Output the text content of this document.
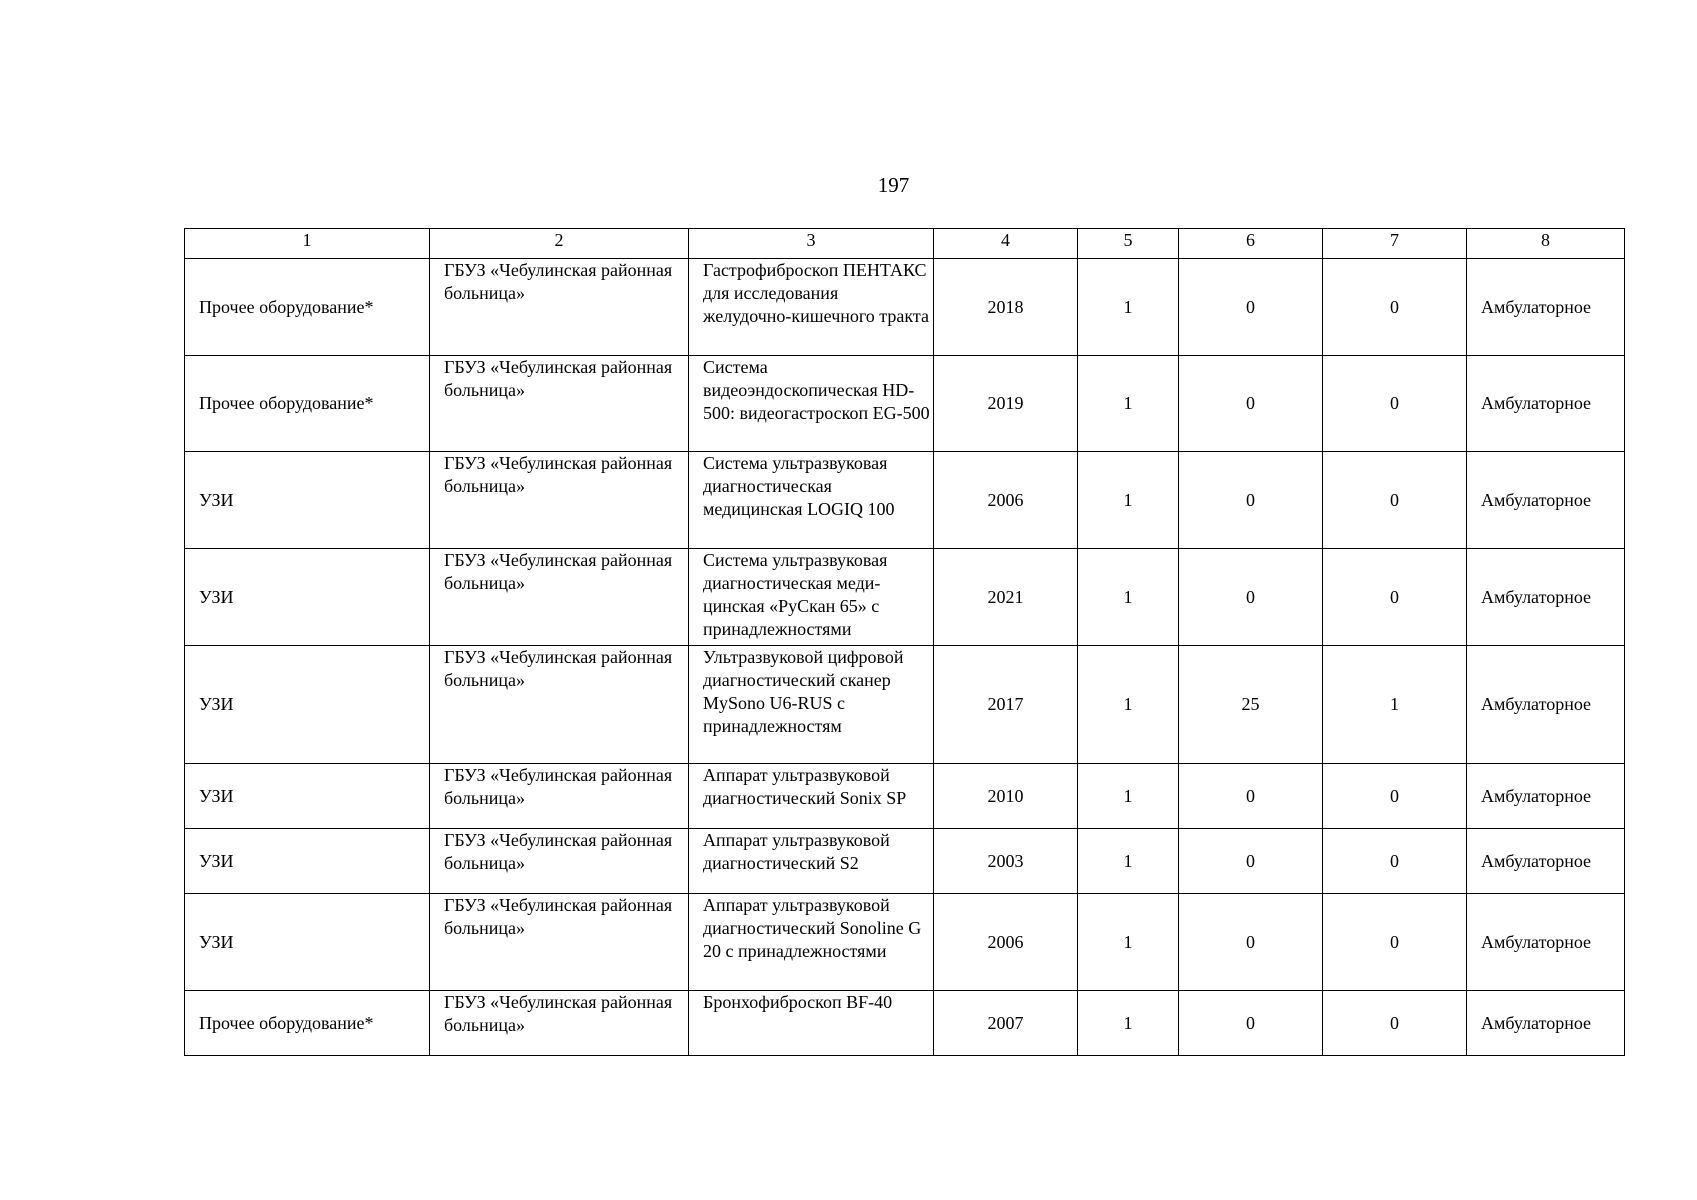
197
1	2	3	4	5	6	7	8
Прочее оборудование*	ГБУЗ «Чебулинская районная больница»	Гастрофиброскоп ПЕНТАКС для исследования желудочно-кишечного тракта	2018	1	0	0	Амбулаторное
Прочее оборудование*	ГБУЗ «Чебулинская районная больница»	Система видеоэндоскопическая HD-500: видеогастроскоп EG-500	2019	1	0	0	Амбулаторное
УЗИ	ГБУЗ «Чебулинская районная больница»	Система ультразвуковая диагностическая медицинская LOGIQ 100	2006	1	0	0	Амбулаторное
УЗИ	ГБУЗ «Чебулинская районная больница»	Система ультразвуковая диагностическая меди-цинская «РуСкан 65» с принадлежностями	2021	1	0	0	Амбулаторное
УЗИ	ГБУЗ «Чебулинская районная больница»	Ультразвуковой цифровой диагностический сканер MySono U6-RUS с принадлежностям	2017	1	25	1	Амбулаторное
УЗИ	ГБУЗ «Чебулинская районная больница»	Аппарат ультразвуковой диагностический Sonix SP	2010	1	0	0	Амбулаторное
УЗИ	ГБУЗ «Чебулинская районная больница»	Аппарат ультразвуковой диагностический S2	2003	1	0	0	Амбулаторное
УЗИ	ГБУЗ «Чебулинская районная больница»	Аппарат ультразвуковой диагностический Sonoline G 20 с принадлежностями	2006	1	0	0	Амбулаторное
Прочее оборудование*	ГБУЗ «Чебулинская районная больница»	Бронхофиброскоп BF-40	2007	1	0	0	Амбулаторное
